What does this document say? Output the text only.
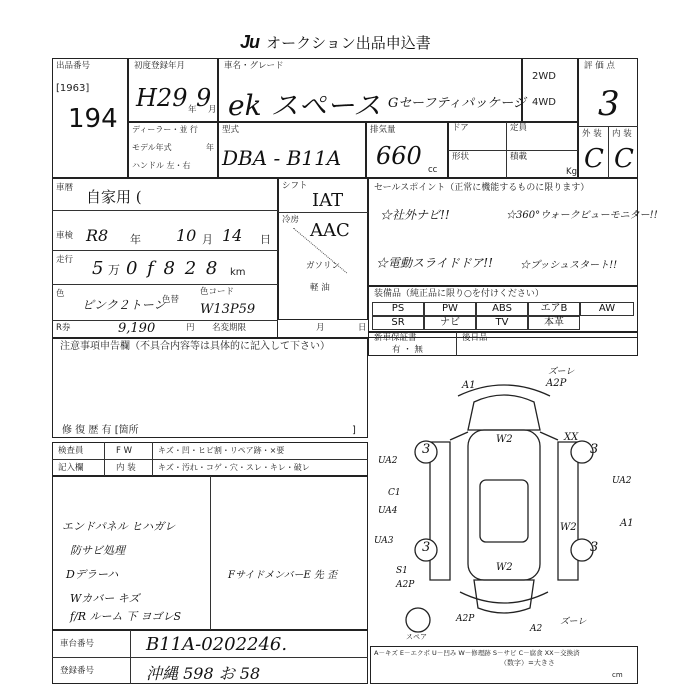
Ju オークション出品申込書
出品番号
[1963]
194
初度登録年月
H29 年 9
月
車名・グレード
ek スペース Gセーフティパッケージ
2WD
4WD
評 価 点
3
外 装 内 装
C C
ディーラー・並 行
モデル年式	年
ハンドル 左・右
型式
DBA - B11A
排気量
660 cc
ドア	定員
形状	積載
Kg
車暦 自家用 (
車検 R8 年 10 月 14 日
走行 5 万 0 f 8 2 8 km
色
ピンク２トーン
色替
色コード
W13P59
R券	9,190	円 名変期限	月	日
シフト
IAT
冷房 AAC
ガソリン
軽 油
セールスポイント（正常に機能するものに限ります）
☆社外ナビ!!	☆360°ウォークビューモニター!!
☆電動スライドドア!!	☆プッシュスタート!!
装備品（純正品に限り○を付けください）
PS	PW	ABS	エアB	AW
SR	ナビ	TV	本革
新車保証書
有 ・ 無
後日品
注意事項申告欄（不具合内容等は具体的に記入して下さい）
修 復 歴 有 [箇所	]
検査員	F W	キズ・凹・ヒビ割・リペア跡・×要
記入欄	内 装	キズ・汚れ・コゲ・穴・スレ・キレ・破レ
エンドパネル ヒハガレ
防サビ処理
Dデラーハ
Wカバー キズ
f/R ルーム 下 ヨゴレS
FサイドメンバーE 先 歪
A1	A2P
ズーレ
W2	XX
UA2
C1
UA4
UA3
S1
A2P
UA2
W2	A1
W2
A2P
A2
ズーレ
3	3
3	3
スペア
車台番号	B11A-0202246.
登録番号	沖縄 598 お 58
A－キズ E－エクボ U－凹み W－修理跡 S－サビ C－腐食 XX－交換済
（数字）=大きさ
cm
